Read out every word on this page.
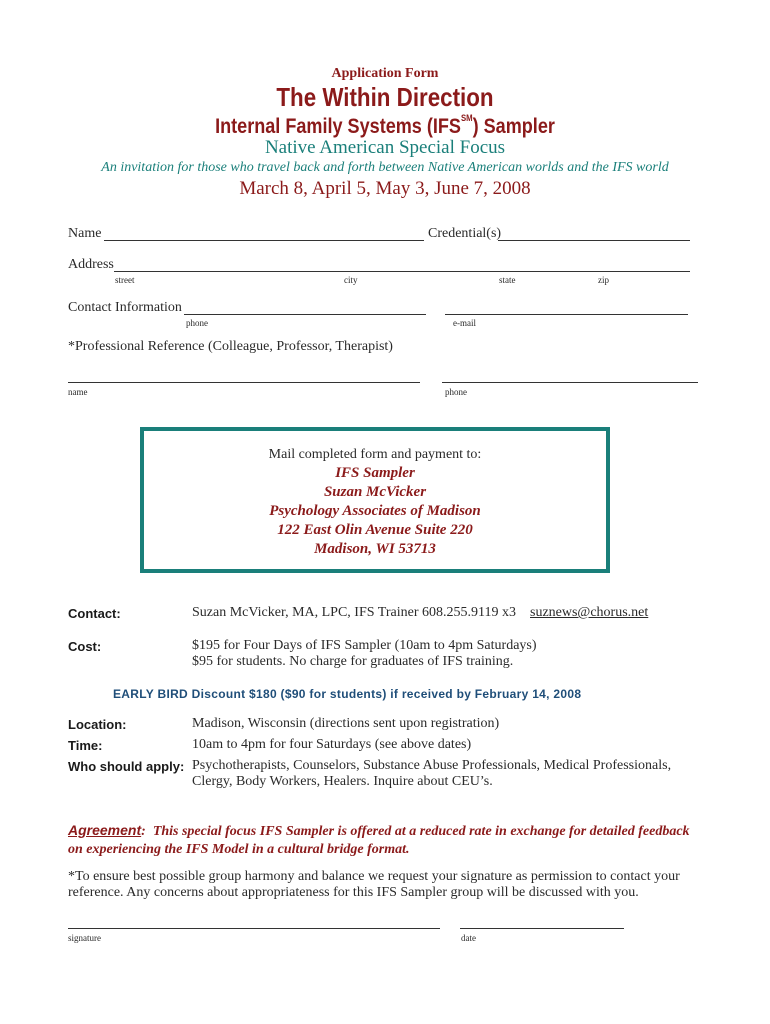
Application Form
The Within Direction
Internal Family Systems (IFS℠) Sampler
Native American Special Focus
An invitation for those who travel back and forth between Native American worlds and the IFS world
March 8, April 5, May 3, June 7, 2008
Name	Credential(s)
Address
street	city	state	zip
Contact Information
phone	e-mail
*Professional Reference (Colleague, Professor, Therapist)
name	phone
Mail completed form and payment to:
IFS Sampler
Suzan McVicker
Psychology Associates of Madison
122 East Olin Avenue Suite 220
Madison, WI 53713
Contact:	Suzan McVicker, MA, LPC, IFS Trainer 608.255.9119 x3 suznews@chorus.net
Cost:	$195 for Four Days of IFS Sampler (10am to 4pm Saturdays)
$95 for students. No charge for graduates of IFS training.
EARLY BIRD Discount $180 ($90 for students) if received by February 14, 2008
Location:	Madison, Wisconsin (directions sent upon registration)
Time:	10am to 4pm for four Saturdays (see above dates)
Who should apply: Psychotherapists, Counselors, Substance Abuse Professionals, Medical Professionals,
Clergy, Body Workers, Healers. Inquire about CEU’s.
Agreement:  This special focus IFS Sampler is offered at a reduced rate in exchange for detailed feedback
on experiencing the IFS Model in a cultural bridge format.
*To ensure best possible group harmony and balance we request your signature as permission to contact your
reference. Any concerns about appropriateness for this IFS Sampler group will be discussed with you.
signature	date
